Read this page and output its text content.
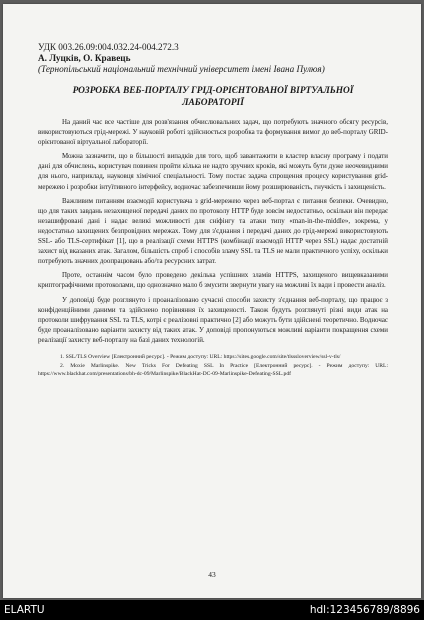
УДК 003.26.09:004.032.24-004.272.3
А. Луцків, О. Кравець
(Тернопільський національний технічний університет імені Івана Пулюя)
РОЗРОБКА ВЕБ-ПОРТАЛУ ГРІД-ОРІЄНТОВАНОЇ ВІРТУАЛЬНОЇ ЛАБОРАТОРІЇ

На даний час все частіше для розв'язання обчислювальних задач, що потребують значного обсягу ресурсів, використовуються грід-мережі. У науковій роботі здійснюється розробка та формування вимог до веб-порталу GRID-орієнтованої віртуальної лабораторії.

Можна зазначити, що в більшості випадків для того, щоб завантажити в кластер власну програму і подати дані для обчислень, користувач повинен пройти кілька не надто зручних кроків, які можуть бути дуже неочевидними для нього, наприклад, науковця хімічної спеціальності. Тому постає задача спрощення процесу користування grid-мережею і розробки інтуїтивного інтерфейсу, водночас забезпечивши йому розширюваність, гнучкість і захищеність.

Важливим питанням взаємодії користувача з grid-мережею через веб-портал є питання безпеки. Очевидно, що для таких завдань незахищеної передачі даних по протоколу HTTP буде зовсім недостатньо, оскільки він передає незашифровані дані і надає великі можливості для сніфінгу та атаки типу «man-in-the-middle», зокрема, у недостатньо захищених безпровідних мережах. Тому для з'єднання і передачі даних до грід-мережі використовують SSL- або TLS-сертифікат [1], що в реалізації схеми HTTPS (комбінації взаємодії HTTP через SSL) надає достатній захист від вказаних атак. Загалом, більшість спроб і способів зламу SSL та TLS не мали практичного успіху, оскільки потребують значних доопрацювань або/та ресурсних затрат.

Проте, останнім часом було проведено декілька успішних зламів HTTPS, захищеного вищевказаними криптографічними протоколами, що однозначно мало б змусити звернути увагу на можливі їх вади і провести аналіз.

У доповіді буде розглянуто і проаналізовано сучасні способи захисту з'єднання веб-порталу, що працює з конфіденційними даними та здійснено порівняння їх захищеності. Також будуть розглянуті різні види атак на протоколи шифрування SSL та TLS, котрі є реалізовні практично [2] або можуть бути здійснені теоретично. Водночас буде проаналізовано варіанти захисту від таких атак. У доповіді пропонуються можливі варіанти покращення схеми реалізації захисту веб-порталу на базі даних технологій.

1. SSL/TLS Overview [Електронний ресурс]. - Режим доступу: URL: https://sites.google.com/site/tlsssloverview/ssl-v-tls/

2. Moxie Marlinspike. New Tricks For Defeating SSL In Practice [Електронний ресурс]. - Режим доступу: URL: https://www.blackhat.com/presentations/bh-dc-09/Marlinspike/BlackHat-DC-09-Marlinspike-Defeating-SSL.pdf

43
ELARTU	hdl:123456789/8896
